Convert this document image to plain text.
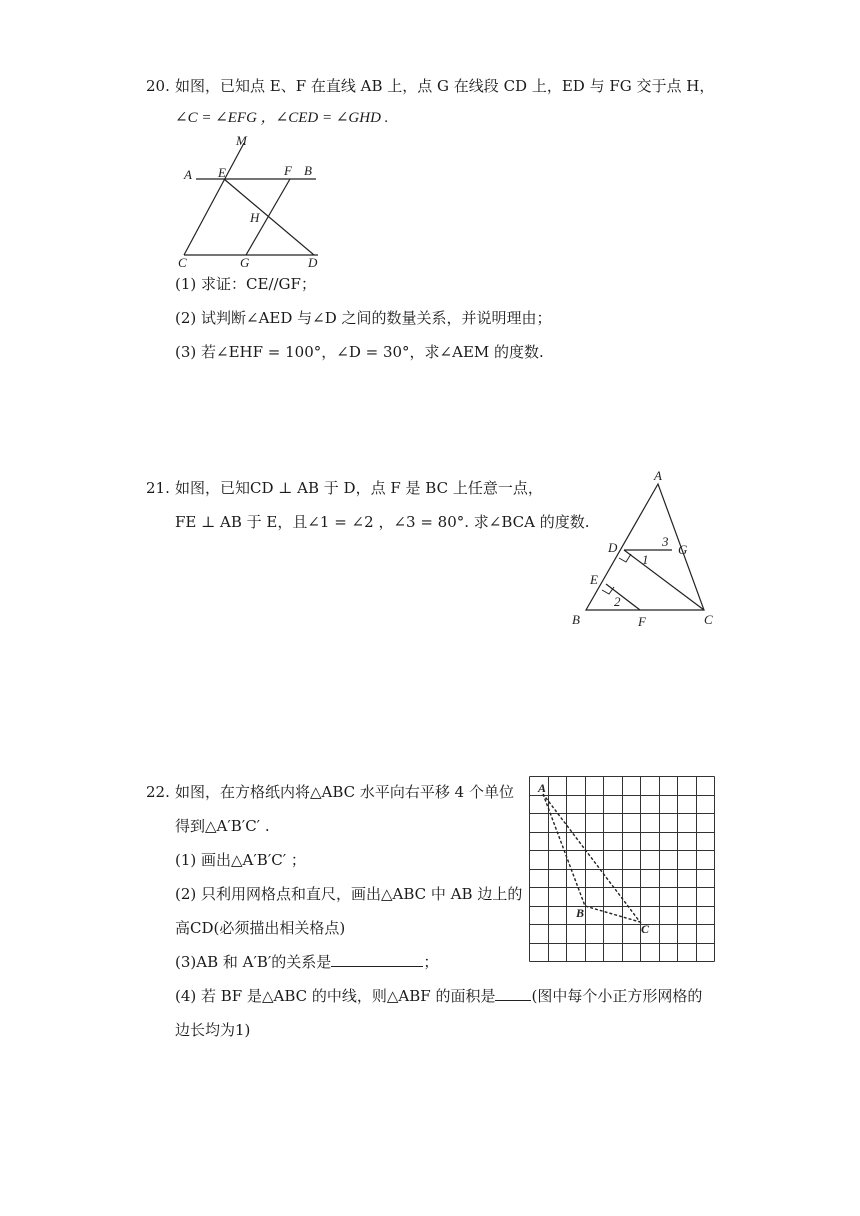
20. 如图，已知点 E、F 在直线 AB 上，点 G 在线段 CD 上，ED 与 FG 交于点 H，
∠C = ∠EFG ，∠CED = ∠GHD .
M
A E	F B
H
C	G	D
(1) 求证：CE//GF；
(2) 试判断∠AED 与∠D 之间的数量关系，并说明理由；
(3) 若∠EHF = 100°，∠D = 30°，求∠AEM 的度数.
21. 如图，已知CD ⊥ AB 于 D，点 F 是 BC 上任意一点，
FE ⊥ AB 于 E，且∠1 = ∠2 ，∠3 = 80°. 求∠BCA 的度数.
A
D	G
3
1
E
2
B	F	C
22. 如图，在方格纸内将△ABC 水平向右平移 4 个单位
得到△A′B′C′ .
(1) 画出△A′B′C′ ；
(2) 只利用网格点和直尺，画出△ABC 中 AB 边上的
高CD(必须描出相关格点)
(3)AB 和 A′B′的关系是	；
(4) 若 BF 是△ABC 的中线，则△ABF 的面积是 (图中每个小正方形网格的
边长均为1)
A
B
C
